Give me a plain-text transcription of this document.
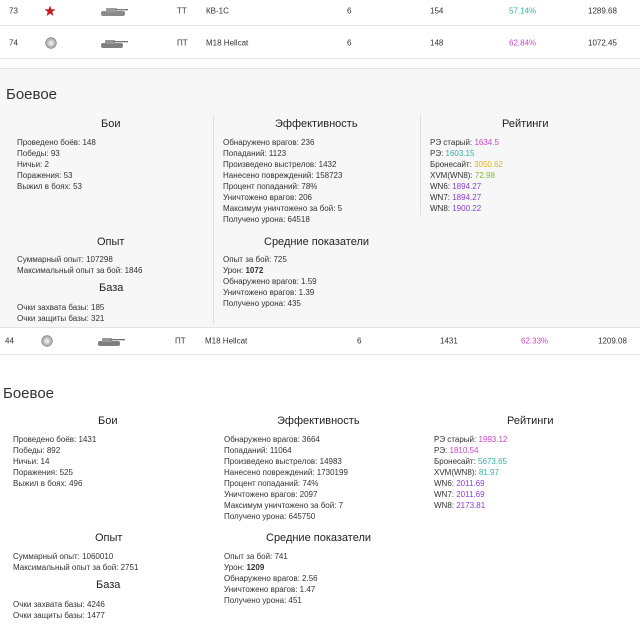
73	ТТ КВ-1С	6	154	57.14%	1289.68
74	ПТ M18 Hellcat	6	148	62.84%	1072.45
Боевое
Бои
Проведено боёв: 148
Победы: 93
Ничьи: 2
Поражения: 53
Выжил в боях: 53
Опыт
Суммарный опыт: 107298
Максимальный опыт за бой: 1846
База
Очки захвата базы: 185
Очки защиты базы: 321
Эффективность
Обнаружено врагов: 236
Попаданий: 1123
Произведено выстрелов: 1432
Нанесено повреждений: 158723
Процент попаданий: 78%
Уничтожено врагов: 206
Максимум уничтожено за бой: 5
Получено урона: 64518
Средние показатели
Опыт за бой: 725
Урон: 1072
Обнаружено врагов: 1.59
Уничтожено врагов: 1.39
Получено урона: 435
Рейтинги
РЭ старый: 1634.5
РЭ: 1603.15
Бронесайт: 3050.62
XVM(WN8): 72.98
WN6: 1894.27
WN7: 1894.27
WN8: 1900.22
44	ПТ M18 Hellcat	6	1431	62.33%	1209.08
Боевое
Бои
Проведено боёв: 1431
Победы: 892
Ничьи: 14
Поражения: 525
Выжил в боях: 496
Опыт
Суммарный опыт: 1060010
Максимальный опыт за бой: 2751
База
Очки захвата базы: 4246
Очки защиты базы: 1477
Эффективность
Обнаружено врагов: 3664
Попаданий: 11064
Произведено выстрелов: 14983
Нанесено повреждений: 1730199
Процент попаданий: 74%
Уничтожено врагов: 2097
Максимум уничтожено за бой: 7
Получено урона: 645750
Средние показатели
Опыт за бой: 741
Урон: 1209
Обнаружено врагов: 2.56
Уничтожено врагов: 1.47
Получено урона: 451
Рейтинги
РЭ старый: 1993.12
РЭ: 1810.54
Бронесайт: 5673.65
XVM(WN8): 81.97
WN6: 2011.69
WN7: 2011.69
WN8: 2173.81
